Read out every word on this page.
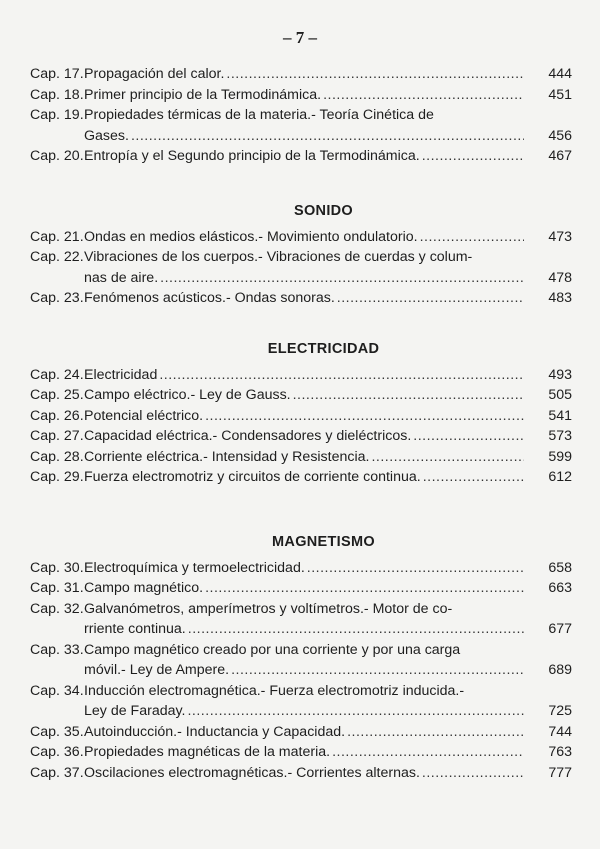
– 7 –
Cap. 17. Propagación del calor. .....	444
Cap. 18. Primer principio de la Termodinámica. .....	451
Cap. 19. Propiedades térmicas de la materia.- Teoría Cinética de
Gases. .....	456
Cap. 20. Entropía y el Segundo principio de la Termodinámica. .....	467
SONIDO
Cap. 21. Ondas en medios elásticos.- Movimiento ondulatorio. .....	473
Cap. 22. Vibraciones de los cuerpos.- Vibraciones de cuerdas y colum-
nas de aire. .....	478
Cap. 23. Fenómenos acústicos.- Ondas sonoras. .....	483
ELECTRICIDAD
Cap. 24. Electricidad .....	493
Cap. 25. Campo eléctrico.- Ley de Gauss. .....	505
Cap. 26. Potencial eléctrico. .....	541
Cap. 27. Capacidad eléctrica.- Condensadores y dieléctricos. .....	573
Cap. 28. Corriente eléctrica.- Intensidad y Resistencia. .....	599
Cap. 29. Fuerza electromotriz y circuitos de corriente continua. .....	612
MAGNETISMO
Cap. 30. Electroquímica y termoelectricidad. .....	658
Cap. 31. Campo magnético. .....	663
Cap. 32. Galvanómetros, amperímetros y voltímetros.- Motor de co-
rriente continua. .....	677
Cap. 33. Campo magnético creado por una corriente y por una carga
móvil.- Ley de Ampere. .....	689
Cap. 34. Inducción electromagnética.- Fuerza electromotriz inducida.-
Ley de Faraday. .....	725
Cap. 35. Autoinducción.- Inductancia y Capacidad. .....	744
Cap. 36. Propiedades magnéticas de la materia. .....	763
Cap. 37. Oscilaciones electromagnéticas.- Corrientes alternas. .....	777
